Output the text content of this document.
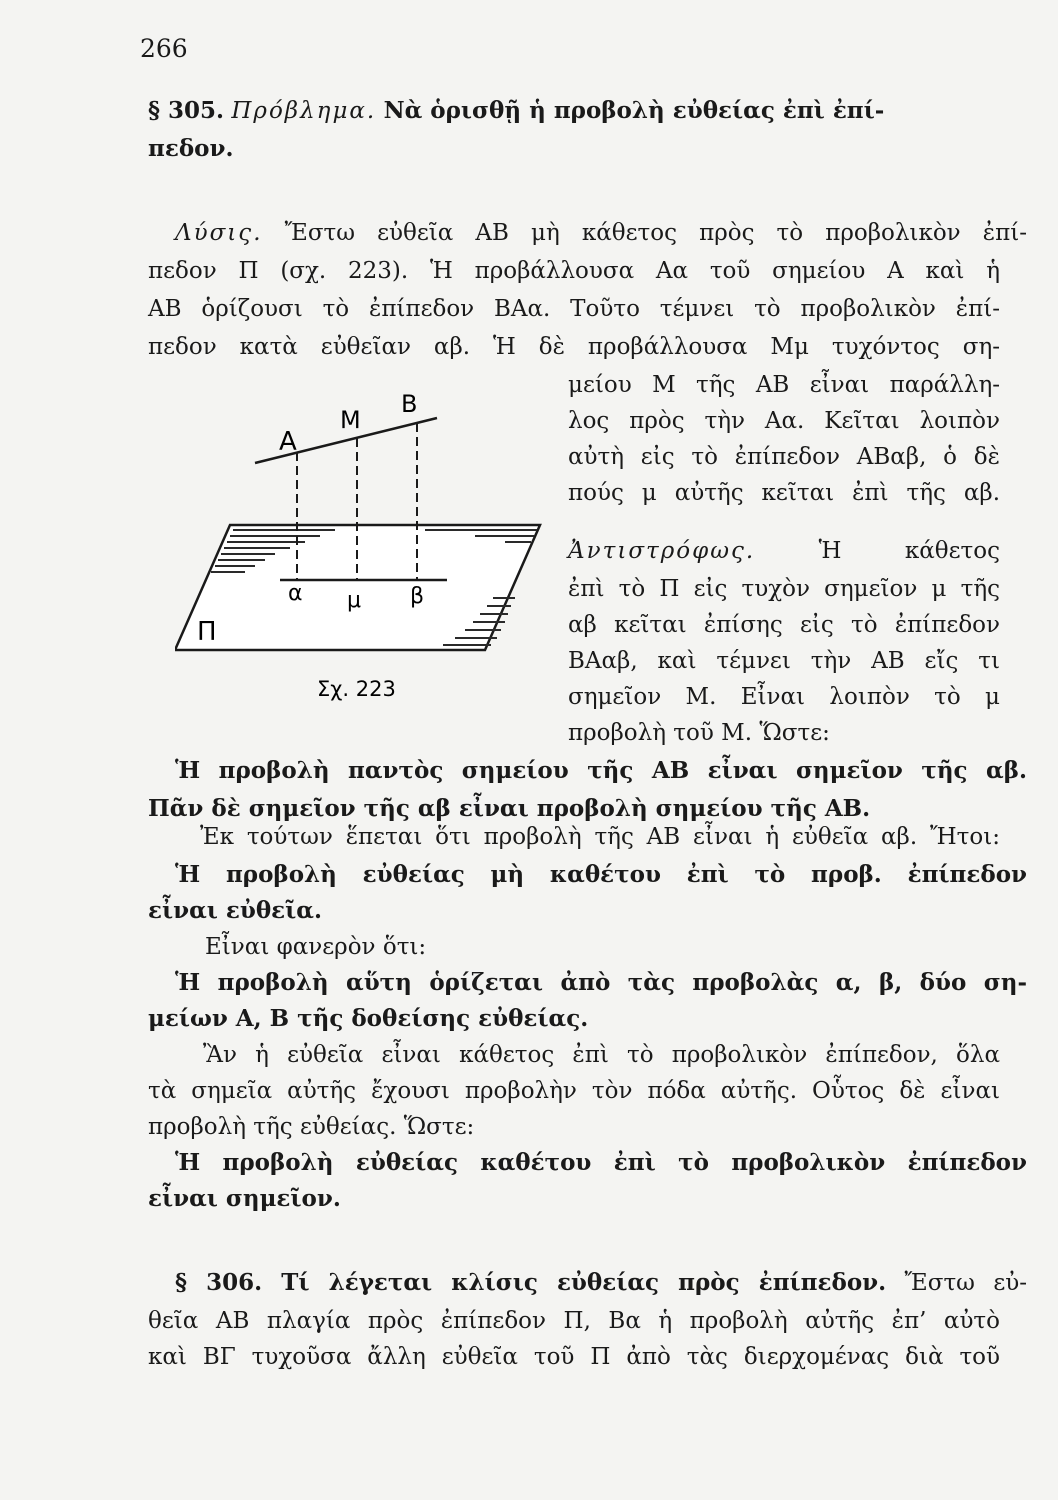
266
§ 305. Πρόβλημα. Νὰ ὁρισθῇ ἡ προβολὴ εὐθείας ἐπὶ ἐπί-
πεδον.
Λύσις. Ἔστω εὐθεῖα ΑΒ μὴ κάθετος πρὸς τὸ προβολικὸν ἐπί-
πεδον Π (σχ. 223). Ἡ προβάλλουσα Αα τοῦ σημείου Α καὶ ἡ
ΑΒ ὁρίζουσι τὸ ἐπίπεδον ΒΑα. Τοῦτο τέμνει τὸ προβολικὸν ἐπί-
πεδον κατὰ εὐθεῖαν αβ. Ἡ δὲ προβάλλουσα Μμ τυχόντος ση-
μείου Μ τῆς ΑΒ εἶναι παράλλη-
λος πρὸς τὴν Αα. Κεῖται λοιπὸν
αὐτὴ εἰς τὸ ἐπίπεδον ΑΒαβ, ὁ δὲ
πούς μ αὐτῆς κεῖται ἐπὶ τῆς αβ.
Ἀντιστρόφως.	Ἡ κάθετος
ἐπὶ τὸ Π εἰς τυχὸν σημεῖον μ τῆς
αβ κεῖται ἐπίσης εἰς τὸ ἐπίπεδον
ΒΑαβ, καὶ τέμνει τὴν ΑΒ εἴς τι
σημεῖον Μ. Εἶναι λοιπὸν τὸ μ
προβολὴ τοῦ Μ. Ὥστε:
Α
Μ
Β
α μ β
Π
Σχ. 223
Ἡ προβολὴ παντὸς σημείου τῆς ΑΒ εἶναι σημεῖον τῆς αβ.
Πᾶν δὲ σημεῖον τῆς αβ εἶναι προβολὴ σημείου τῆς ΑΒ.
Ἐκ τούτων ἕπεται ὅτι προβολὴ τῆς ΑΒ εἶναι ἡ εὐθεῖα αβ. Ἤτοι:
Ἡ προβολὴ εὐθείας μὴ καθέτου ἐπὶ τὸ προβ. ἐπίπεδον
εἶναι εὐθεῖα.
Εἶναι φανερὸν ὅτι:
Ἡ προβολὴ αὕτη ὁρίζεται ἀπὸ τὰς προβολὰς α, β, δύο ση-
μείων Α, Β τῆς δοθείσης εὐθείας.
Ἂν ἡ εὐθεῖα εἶναι κάθετος ἐπὶ τὸ προβολικὸν ἐπίπεδον, ὅλα
τὰ σημεῖα αὐτῆς ἔχουσι προβολὴν τὸν πόδα αὐτῆς. Οὗτος δὲ εἶναι
προβολὴ τῆς εὐθείας. Ὥστε:
Ἡ προβολὴ εὐθείας καθέτου ἐπὶ τὸ προβολικὸν ἐπίπεδον
εἶναι σημεῖον.
§ 306. Τί λέγεται κλίσις εὐθείας πρὸς ἐπίπεδον. Ἔστω εὐ-
θεῖα ΑΒ πλαγία πρὸς ἐπίπεδον Π, Βα ἡ προβολὴ αὐτῆς ἐπ’ αὐτὸ
καὶ ΒΓ τυχοῦσα ἄλλη εὐθεῖα τοῦ Π ἀπὸ τὰς διερχομένας διὰ τοῦ
